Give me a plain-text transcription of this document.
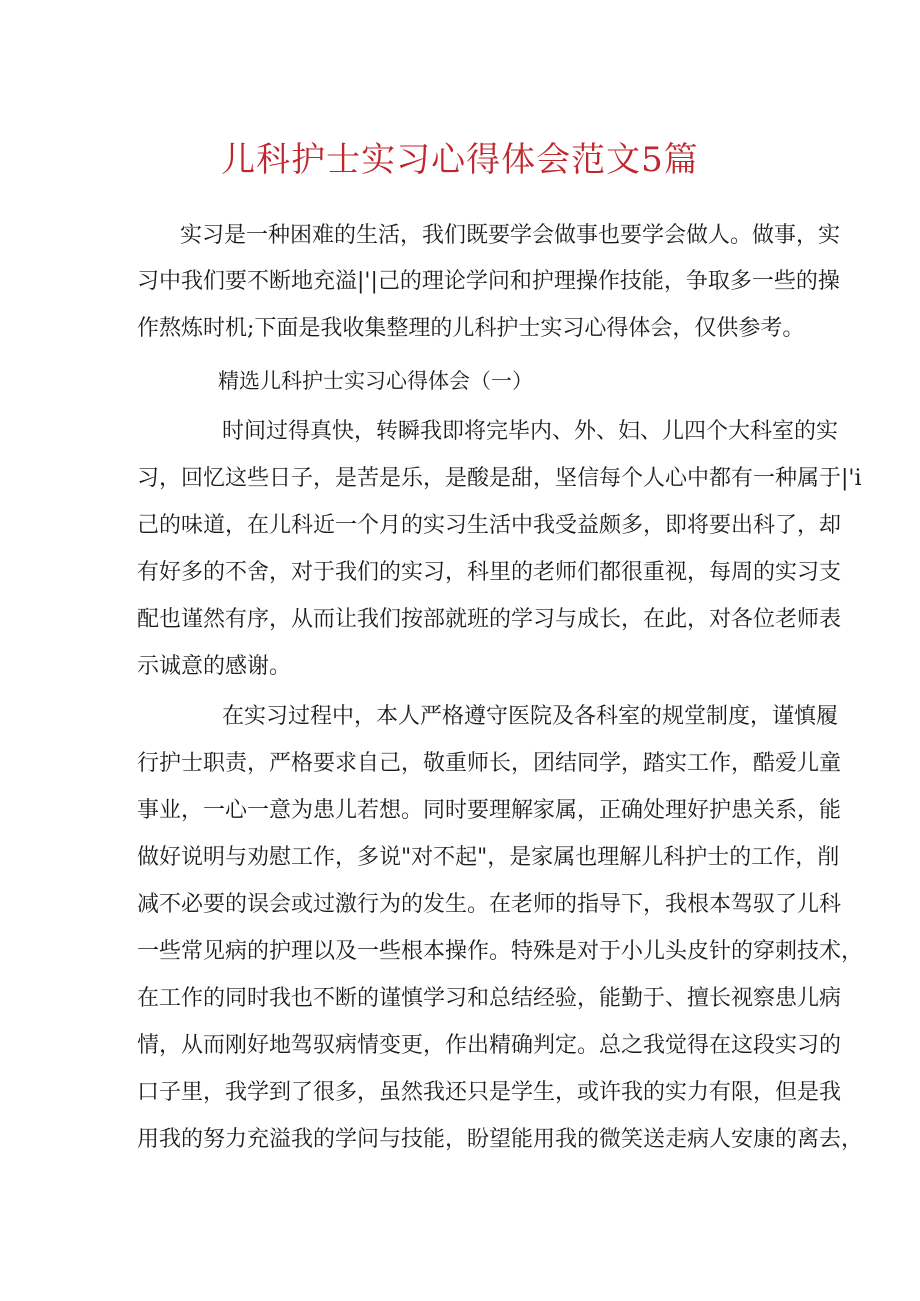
儿科护士实习心得体会范文5篇
实习是一种困难的生活，我们既要学会做事也要学会做人。做事，实
习中我们要不断地充溢|'|己的理论学问和护理操作技能，争取多一些的操
作熬炼时机;下面是我收集整理的儿科护士实习心得体会，仅供参考。
精选儿科护士实习心得体会（一）
时间过得真快，转瞬我即将完毕内、外、妇、儿四个大科室的实
习，回忆这些日子，是苦是乐，是酸是甜，坚信每个人心中都有一种属于|'i
己的味道，在儿科近一个月的实习生活中我受益颇多，即将要出科了，却
有好多的不舍，对于我们的实习，科里的老师们都很重视，每周的实习支
配也谨然有序，从而让我们按部就班的学习与成长，在此，对各位老师表
示诚意的感谢。
在实习过程中，本人严格遵守医院及各科室的规堂制度，谨慎履
行护士职责，严格要求自己，敬重师长，团结同学，踏实工作，酷爱儿童
事业，一心一意为患儿若想。同时要理解家属，正确处理好护患关系，能
做好说明与劝慰工作，多说"对不起"，是家属也理解儿科护士的工作，削
减不必要的误会或过激行为的发生。在老师的指导下，我根本驾驭了儿科
一些常见病的护理以及一些根本操作。特殊是对于小儿头皮针的穿刺技术，
在工作的同时我也不断的谨慎学习和总结经验，能勤于、擅长视察患儿病
情，从而刚好地驾驭病情变更，作出精确判定。总之我觉得在这段实习的
口子里，我学到了很多，虽然我还只是学生，或许我的实力有限，但是我
用我的努力充溢我的学问与技能，盼望能用我的微笑送走病人安康的离去，
